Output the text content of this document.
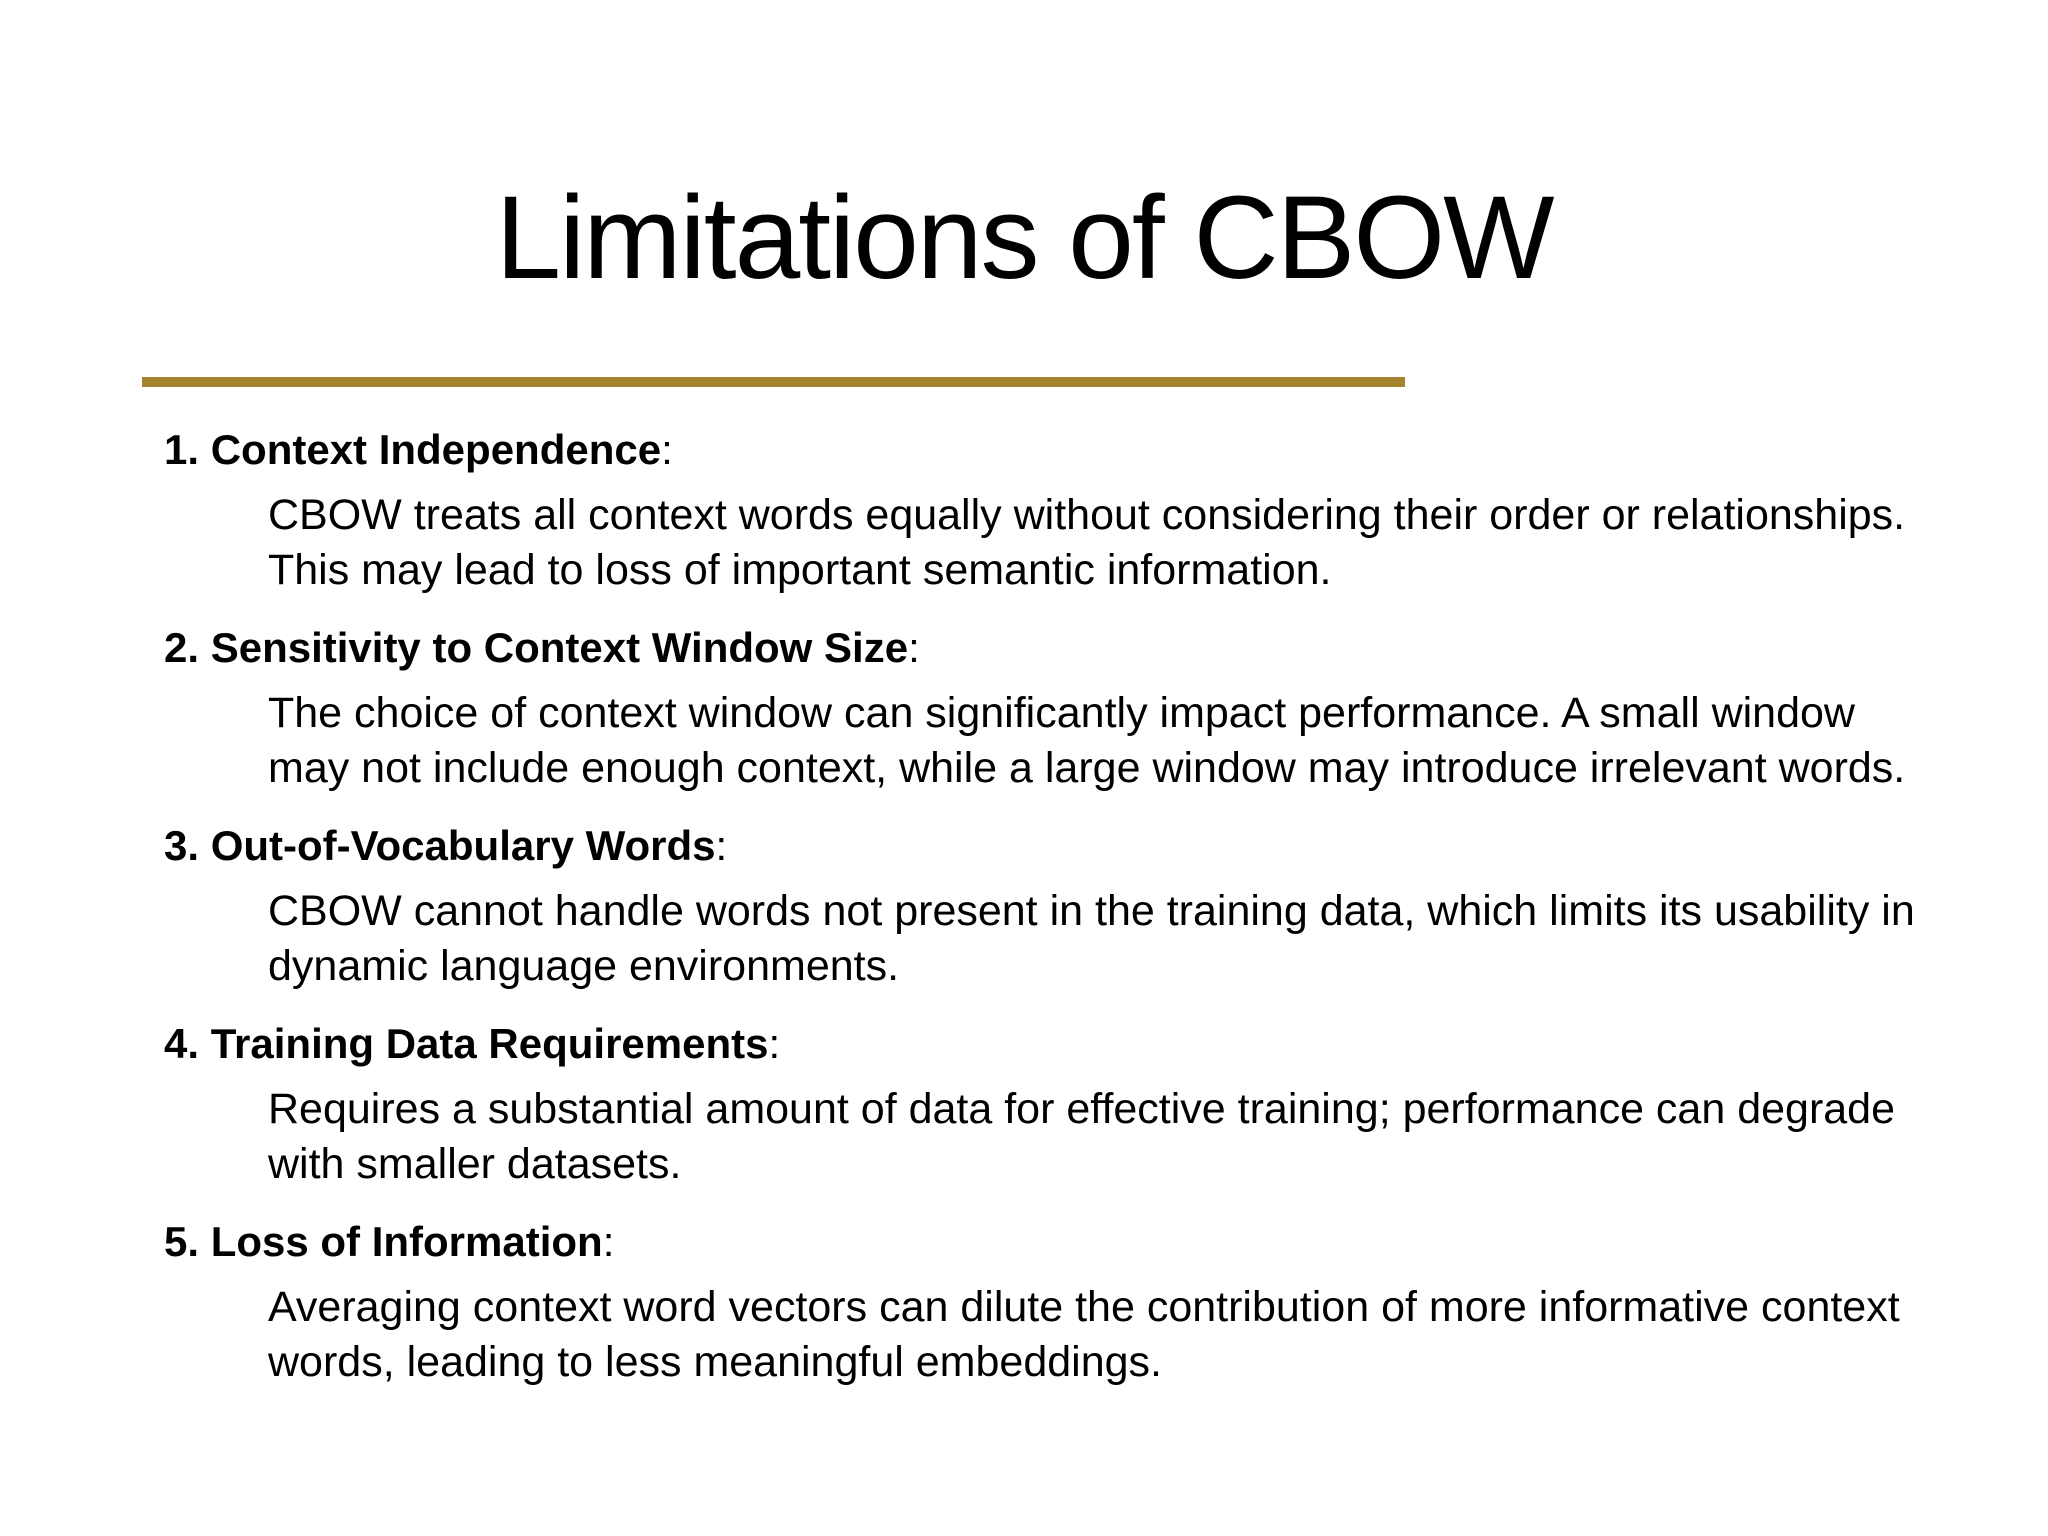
Limitations of CBOW

1. Context Independence:

CBOW treats all context words equally without considering their order or relationships. This may lead to loss of important semantic information.

2. Sensitivity to Context Window Size:

The choice of context window can significantly impact performance. A small window may not include enough context, while a large window may introduce irrelevant words.

3. Out-of-Vocabulary Words:

CBOW cannot handle words not present in the training data, which limits its usability in dynamic language environments.

4. Training Data Requirements:

Requires a substantial amount of data for effective training; performance can degrade with smaller datasets.

5. Loss of Information:

Averaging context word vectors can dilute the contribution of more informative context words, leading to less meaningful embeddings.
